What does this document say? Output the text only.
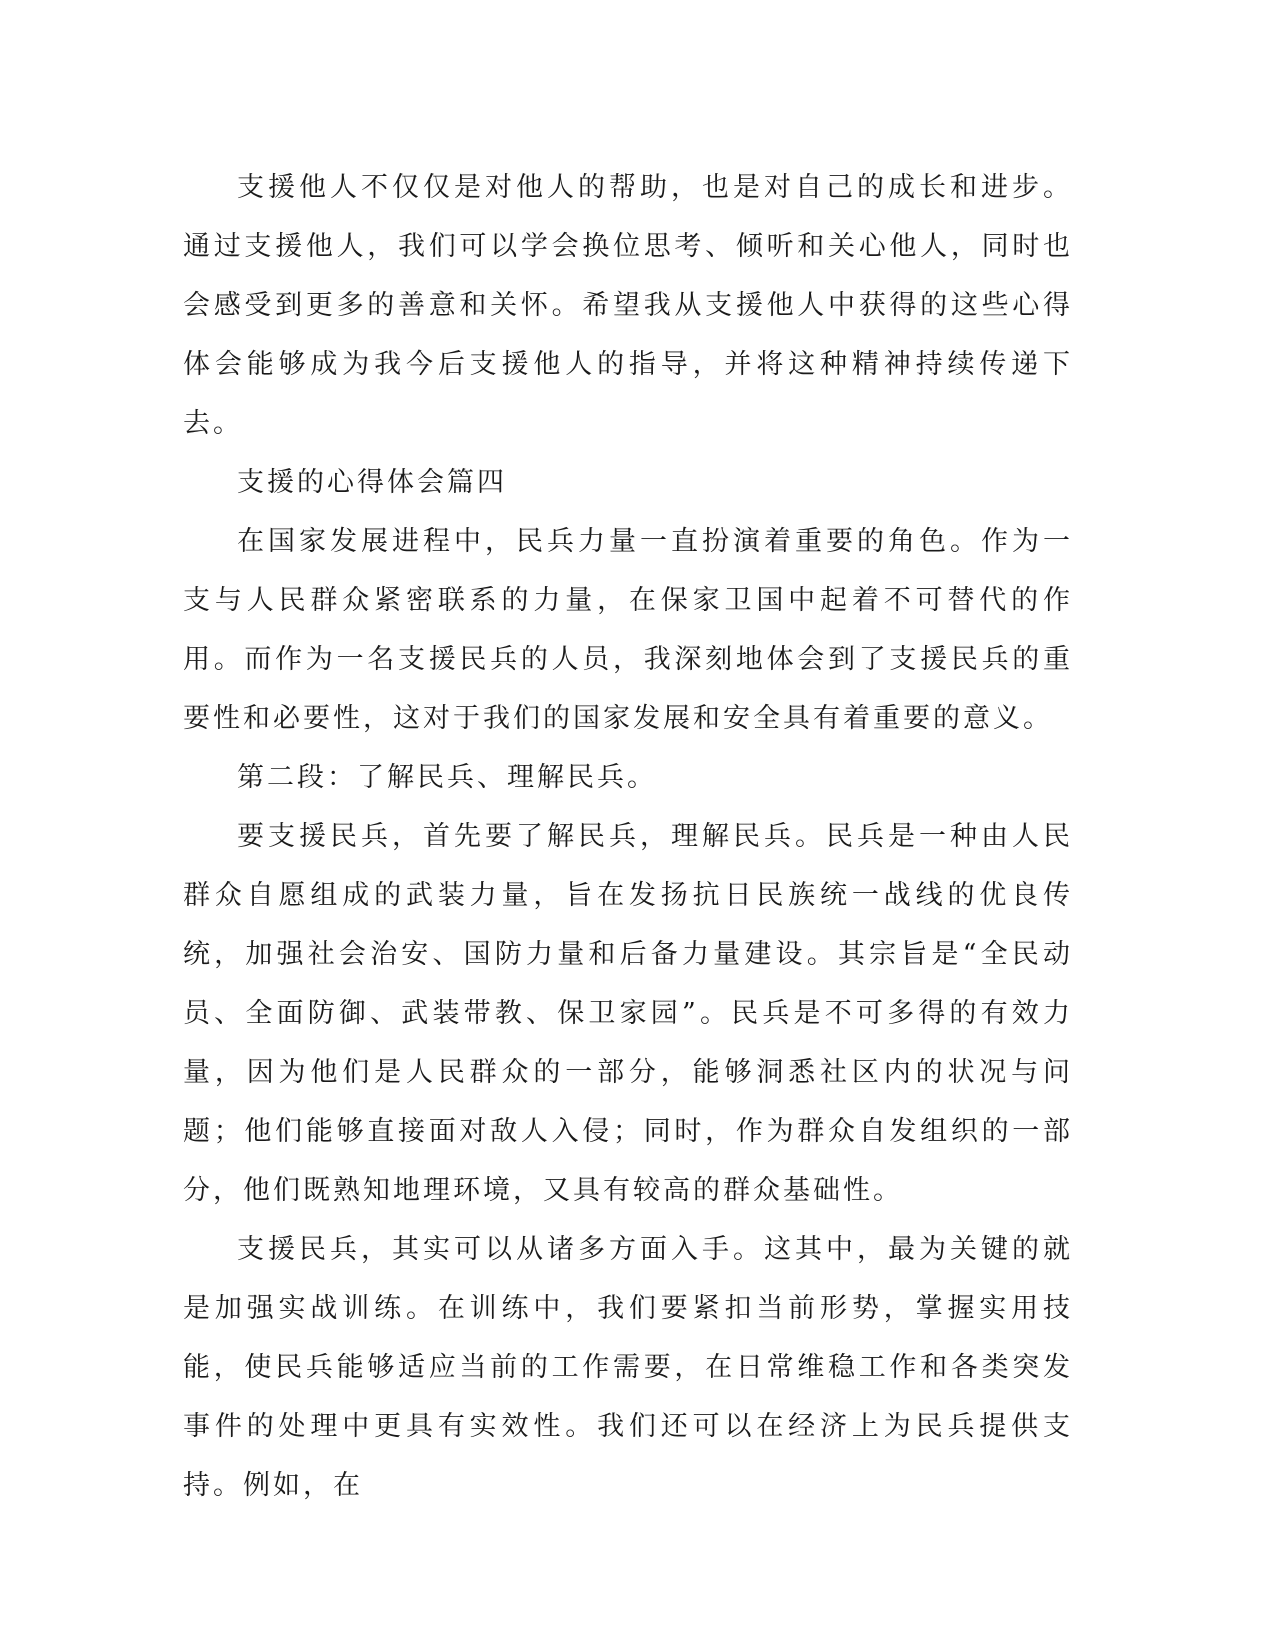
支援他人不仅仅是对他人的帮助，也是对自己的成长和进步。通过支援他人，我们可以学会换位思考、倾听和关心他人，同时也会感受到更多的善意和关怀。希望我从支援他人中获得的这些心得体会能够成为我今后支援他人的指导，并将这种精神持续传递下去。

支援的心得体会篇四

在国家发展进程中，民兵力量一直扮演着重要的角色。作为一支与人民群众紧密联系的力量，在保家卫国中起着不可替代的作用。而作为一名支援民兵的人员，我深刻地体会到了支援民兵的重要性和必要性，这对于我们的国家发展和安全具有着重要的意义。

第二段：了解民兵、理解民兵。

要支援民兵，首先要了解民兵，理解民兵。民兵是一种由人民群众自愿组成的武装力量，旨在发扬抗日民族统一战线的优良传统，加强社会治安、国防力量和后备力量建设。其宗旨是“全民动员、全面防御、武装带教、保卫家园”。民兵是不可多得的有效力量，因为他们是人民群众的一部分，能够洞悉社区内的状况与问题；他们能够直接面对敌人入侵；同时，作为群众自发组织的一部分，他们既熟知地理环境，又具有较高的群众基础性。

支援民兵，其实可以从诸多方面入手。这其中，最为关键的就是加强实战训练。在训练中，我们要紧扣当前形势，掌握实用技能，使民兵能够适应当前的工作需要，在日常维稳工作和各类突发事件的处理中更具有实效性。我们还可以在经济上为民兵提供支持。例如，在
